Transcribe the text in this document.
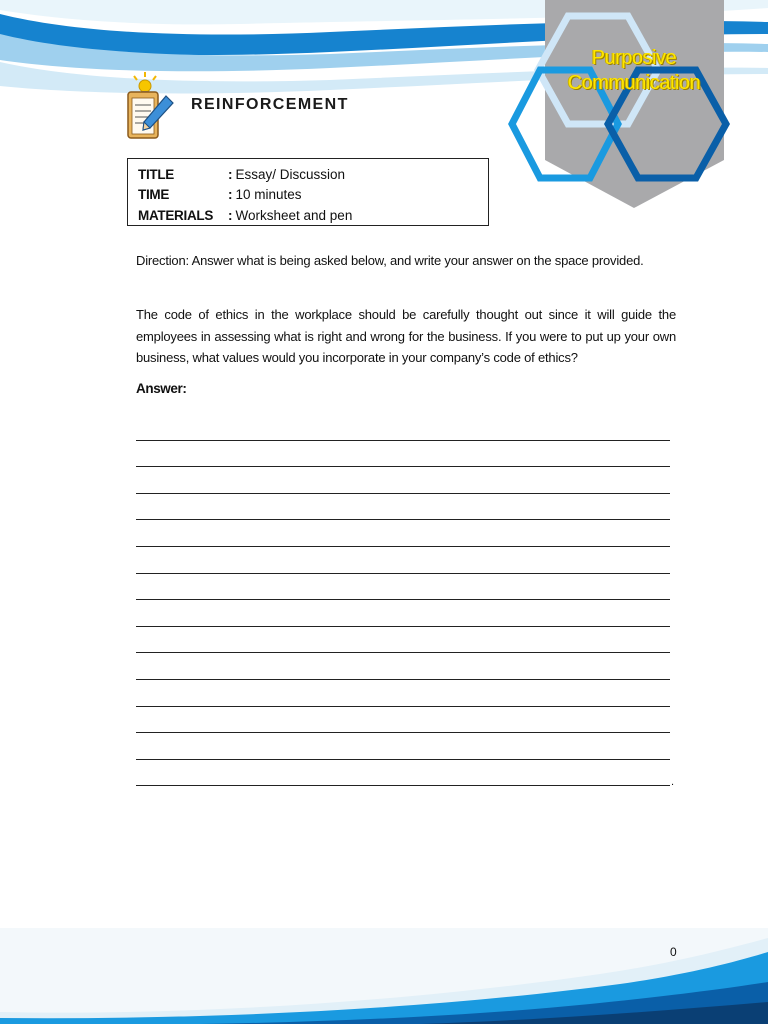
Purposive
Communication
REINFORCEMENT
TITLE	: Essay/ Discussion
TIME	: 10 minutes
MATERIALS	: Worksheet and pen
Direction: Answer what is being asked below, and write your answer on the space provided.
The code of ethics in the workplace should be carefully thought out since it will guide the employees in assessing what is right and wrong for the business. If you were to put up your own business, what values would you incorporate in your company’s code of ethics?
Answer:
.
0
